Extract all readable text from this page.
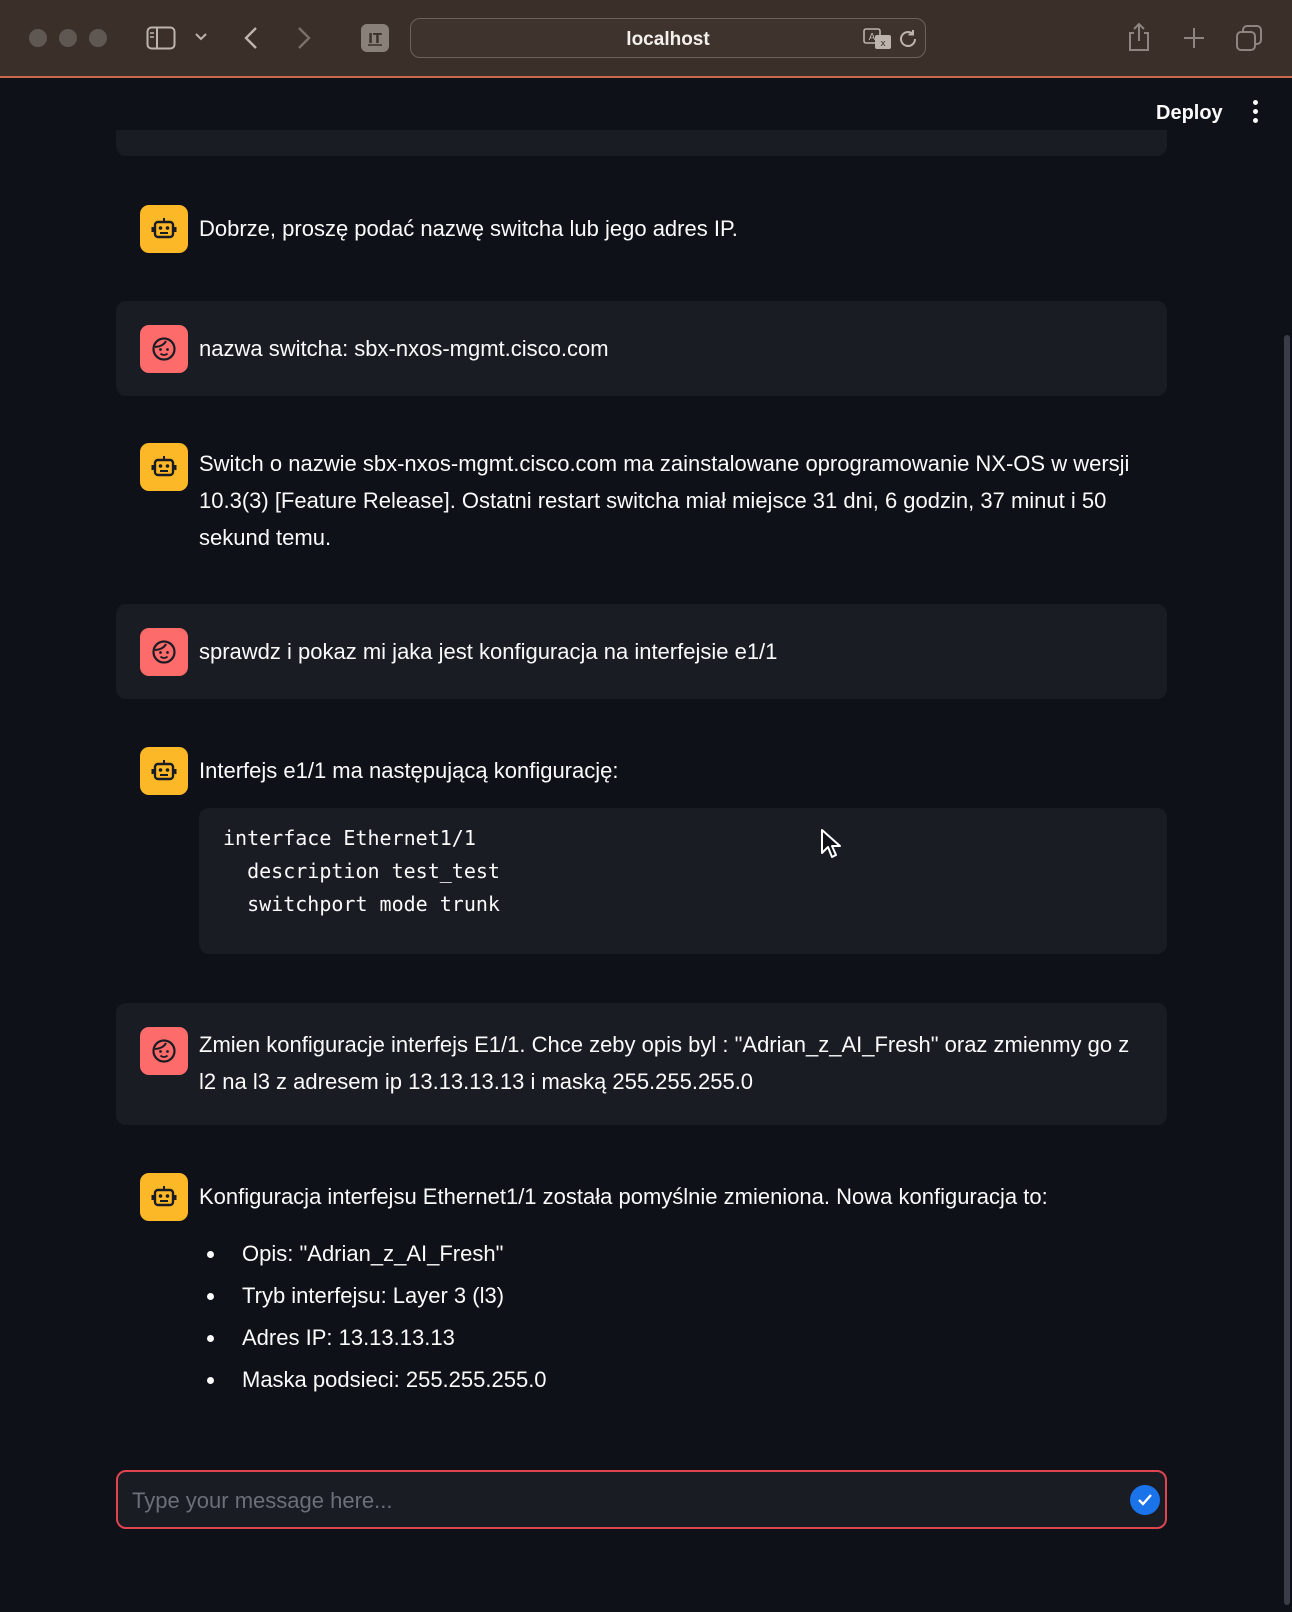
IT	localhost	A
x
Deploy
Dobrze, proszę podać nazwę switcha lub jego adres IP.
nazwa switcha: sbx-nxos-mgmt.cisco.com
Switch o nazwie sbx-nxos-mgmt.cisco.com ma zainstalowane oprogramowanie NX-OS w wersji 10.3(3) [Feature Release]. Ostatni restart switcha miał miejsce 31 dni, 6 godzin, 37 minut i 50 sekund temu.
sprawdz i pokaz mi jaka jest konfiguracja na interfejsie e1/1
Interfejs e1/1 ma następującą konfigurację:
interface Ethernet1/1
description test_test
switchport mode trunk
Zmien konfiguracje interfejs E1/1. Chce zeby opis byl : "Adrian_z_AI_Fresh" oraz zmienmy go z l2 na l3 z adresem ip 13.13.13.13 i maską 255.255.255.0
Konfiguracja interfejsu Ethernet1/1 została pomyślnie zmieniona. Nowa konfiguracja to:
Opis: "Adrian_z_AI_Fresh"
Tryb interfejsu: Layer 3 (l3)
Adres IP: 13.13.13.13
Maska podsieci: 255.255.255.0
Type your message here...
